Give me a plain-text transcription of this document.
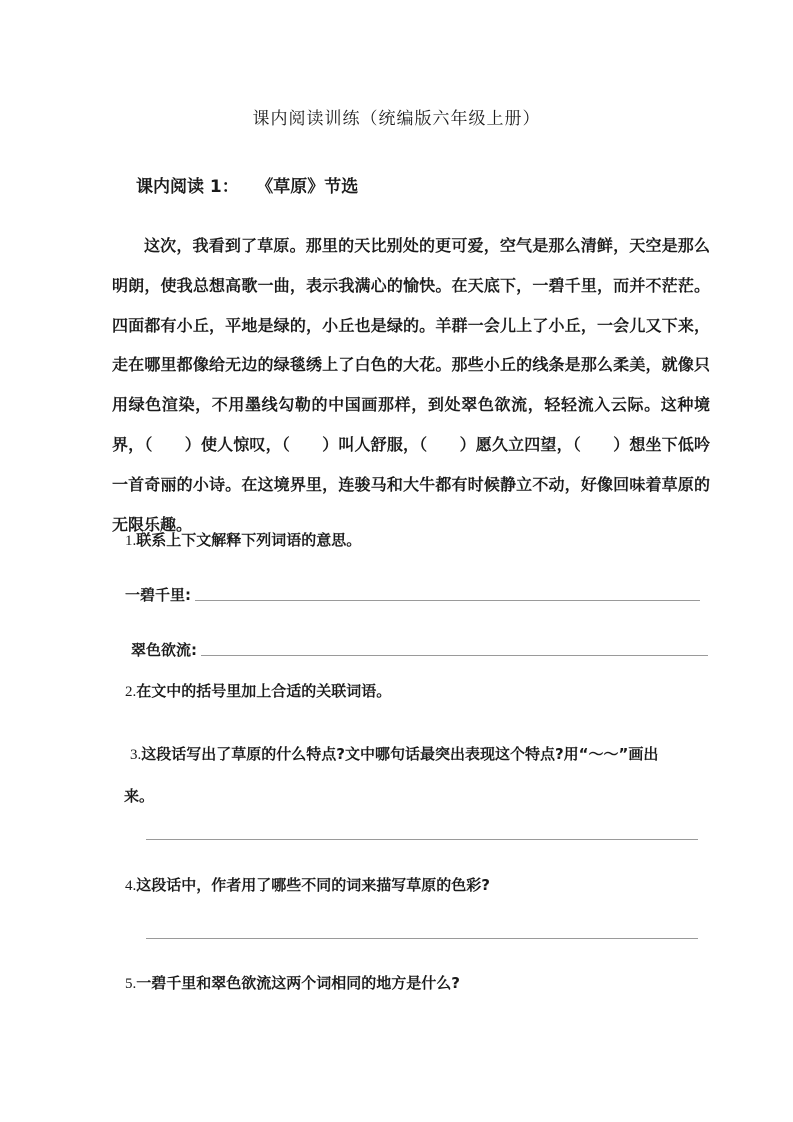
课内阅读训练（统编版六年级上册）
课内阅读 1： 《草原》节选

这次，我看到了草原。那里的天比别处的更可爱，空气是那么清鲜，天空是那么明朗，使我总想高歌一曲，表示我满心的愉快。在天底下，一碧千里，而并不茫茫。四面都有小丘，平地是绿的，小丘也是绿的。羊群一会儿上了小丘，一会儿又下来，走在哪里都像给无边的绿毯绣上了白色的大花。那些小丘的线条是那么柔美，就像只用绿色渲染，不用墨线勾勒的中国画那样，到处翠色欲流，轻轻流入云际。这种境界，（　　）使人惊叹，（　　）叫人舒服，（　　）愿久立四望，（　　）想坐下低吟一首奇丽的小诗。在这境界里，连骏马和大牛都有时候静立不动，好像回味着草原的无限乐趣。

1.联系上下文解释下列词语的意思。

一碧千里:
翠色欲流:

2.在文中的括号里加上合适的关联词语。

3.这段话写出了草原的什么特点?文中哪句话最突出表现这个特点?用“～～”画出
来。

4.这段话中，作者用了哪些不同的词来描写草原的色彩?

5.一碧千里和翠色欲流这两个词相同的地方是什么?
